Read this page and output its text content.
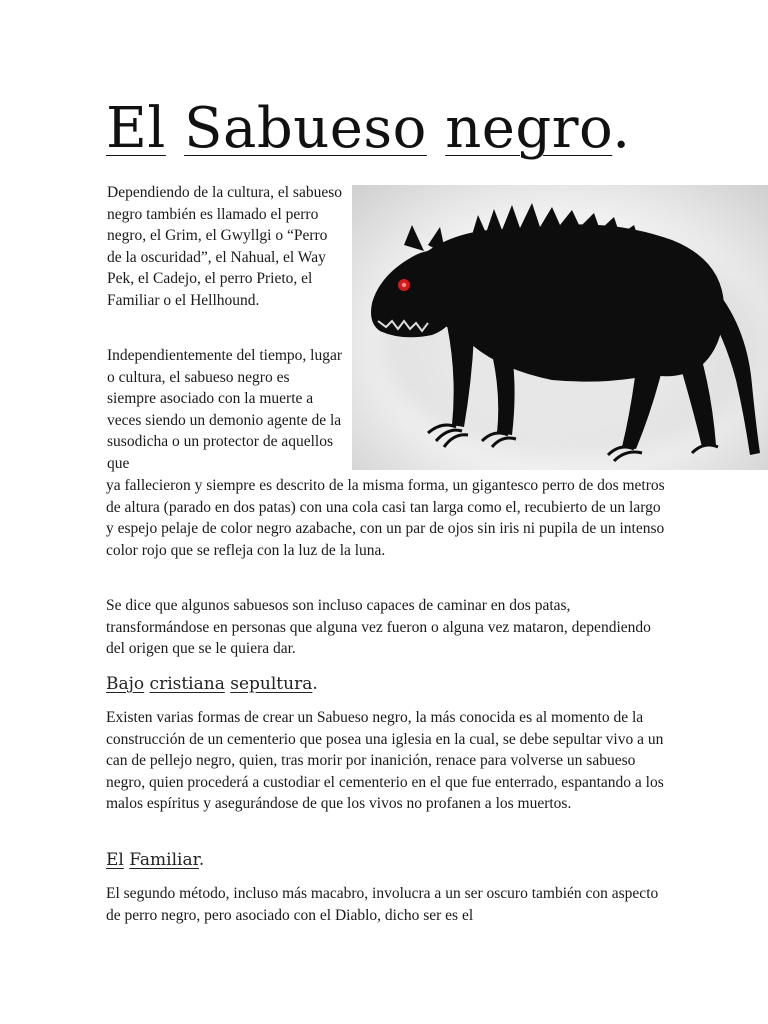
El Sabueso negro.

Dependiendo de la cultura, el sabueso negro también es llamado el perro negro, el Grim, el Gwyllgi o “Perro de la oscuridad”, el Nahual, el Way Pek, el Cadejo, el perro Prieto, el Familiar o el Hellhound.

Independientemente del tiempo, lugar o cultura, el sabueso negro es siempre asociado con la muerte a veces siendo un demonio agente de la susodicha o un protector de aquellos que

ya fallecieron y siempre es descrito de la misma forma, un gigantesco perro de dos metros de altura (parado en dos patas) con una cola casi tan larga como el, recubierto de un largo y espejo pelaje de color negro azabache, con un par de ojos sin iris ni pupila de un intenso color rojo que se refleja con la luz de la luna.

Se dice que algunos sabuesos son incluso capaces de caminar en dos patas, transformándose en personas que alguna vez fueron o alguna vez mataron, dependiendo del origen que se le quiera dar.

Bajo cristiana sepultura.

Existen varias formas de crear un Sabueso negro, la más conocida es al momento de la construcción de un cementerio que posea una iglesia en la cual, se debe sepultar vivo a un can de pellejo negro, quien, tras morir por inanición, renace para volverse un sabueso negro, quien procederá a custodiar el cementerio en el que fue enterrado, espantando a los malos espíritus y asegurándose de que los vivos no profanen a los muertos.

El Familiar.

El segundo método, incluso más macabro, involucra a un ser oscuro también con aspecto de perro negro, pero asociado con el Diablo, dicho ser es el
